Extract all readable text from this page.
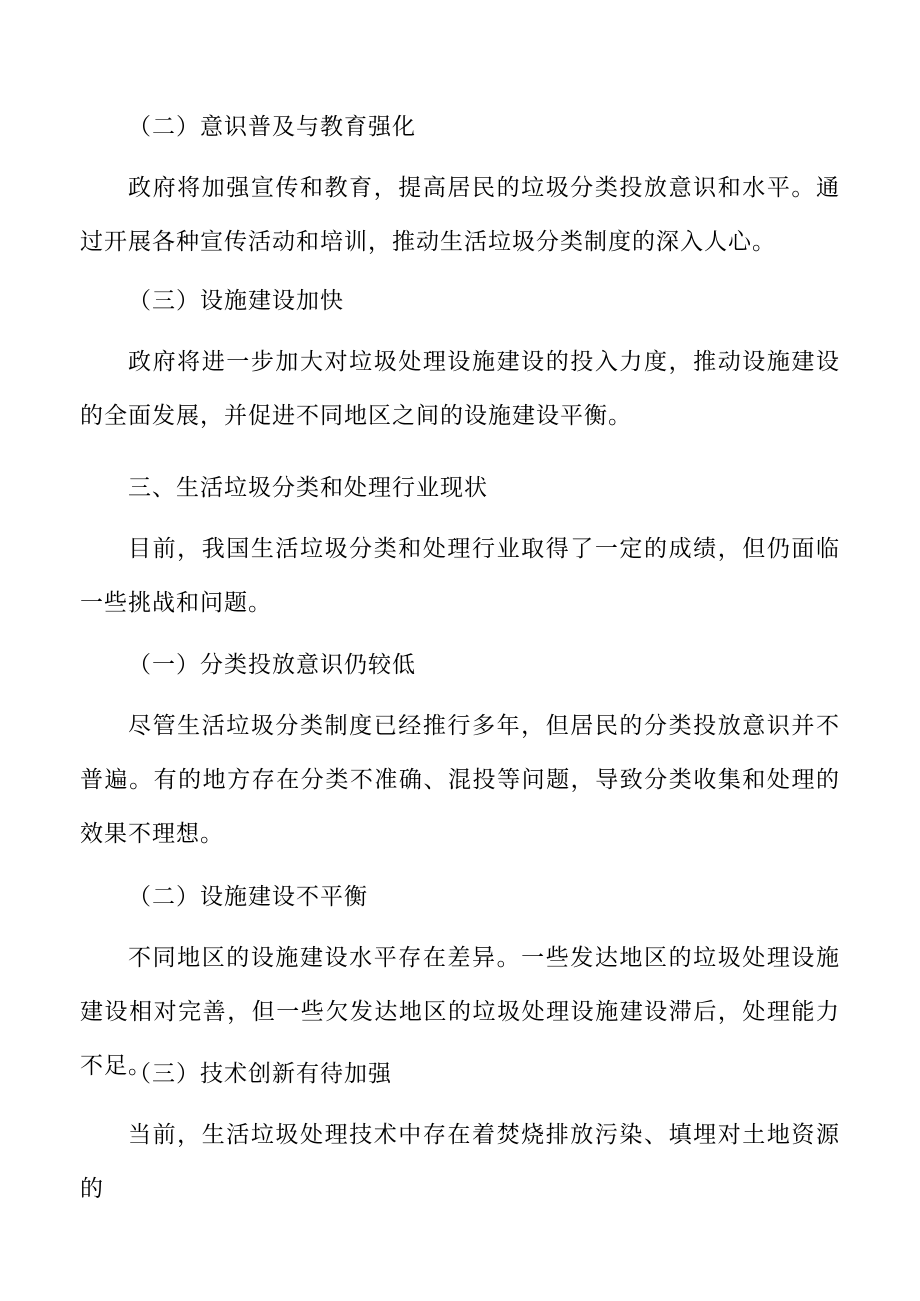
（二）意识普及与教育强化

政府将加强宣传和教育，提高居民的垃圾分类投放意识和水平。通过开展各种宣传活动和培训，推动生活垃圾分类制度的深入人心。

（三）设施建设加快

政府将进一步加大对垃圾处理设施建设的投入力度，推动设施建设的全面发展，并促进不同地区之间的设施建设平衡。

三、生活垃圾分类和处理行业现状

目前，我国生活垃圾分类和处理行业取得了一定的成绩，但仍面临一些挑战和问题。

（一）分类投放意识仍较低

尽管生活垃圾分类制度已经推行多年，但居民的分类投放意识并不普遍。有的地方存在分类不准确、混投等问题，导致分类收集和处理的效果不理想。

（二）设施建设不平衡

不同地区的设施建设水平存在差异。一些发达地区的垃圾处理设施建设相对完善，但一些欠发达地区的垃圾处理设施建设滞后，处理能力不足。

（三）技术创新有待加强

当前，生活垃圾处理技术中存在着焚烧排放污染、填埋对土地资源的
